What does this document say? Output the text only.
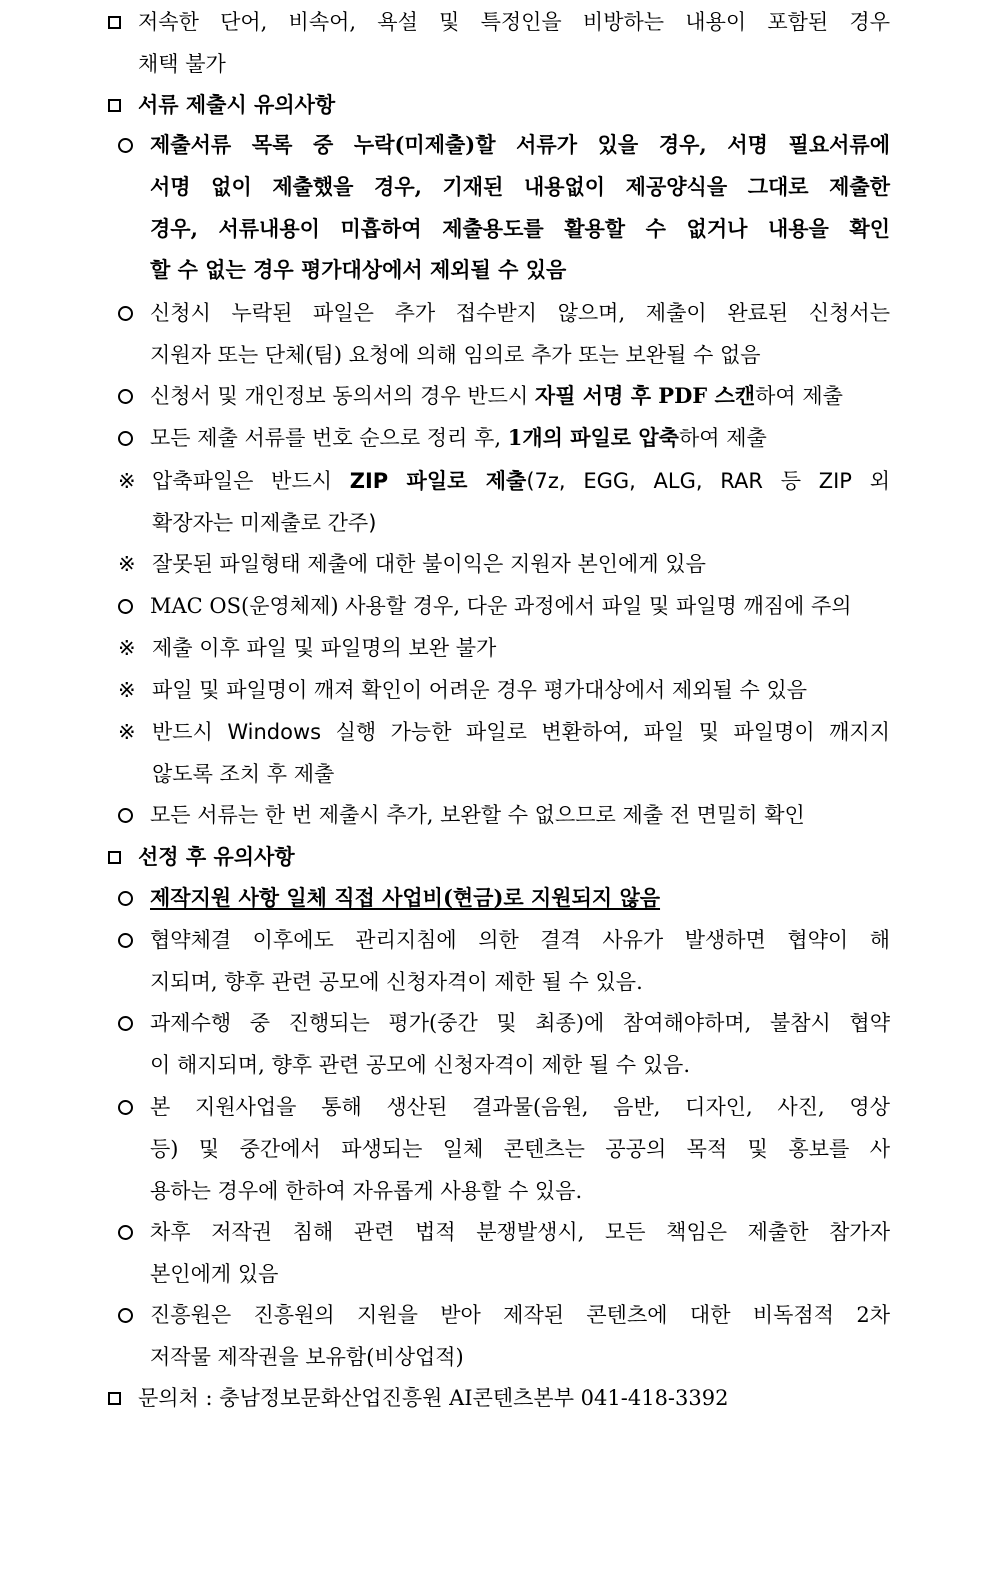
저속한 단어, 비속어, 욕설 및 특정인을 비방하는 내용이 포함된 경우
채택 불가
서류 제출시 유의사항
제출서류 목록 중 누락(미제출)할 서류가 있을 경우, 서명 필요서류에
서명 없이 제출했을 경우, 기재된 내용없이 제공양식을 그대로 제출한
경우, 서류내용이 미흡하여 제출용도를 활용할 수 없거나 내용을 확인
할 수 없는 경우 평가대상에서 제외될 수 있음
신청시 누락된 파일은 추가 접수받지 않으며, 제출이 완료된 신청서는
지원자 또는 단체(팀) 요청에 의해 임의로 추가 또는 보완될 수 없음
신청서 및 개인정보 동의서의 경우 반드시 자필 서명 후 PDF 스캔하여 제출
모든 제출 서류를 번호 순으로 정리 후, 1개의 파일로 압축하여 제출
※ 압축파일은 반드시 ZIP 파일로 제출(7z, EGG, ALG, RAR 등 ZIP 외
확장자는 미제출로 간주)
※ 잘못된 파일형태 제출에 대한 불이익은 지원자 본인에게 있음
MAC OS(운영체제) 사용할 경우, 다운 과정에서 파일 및 파일명 깨짐에 주의
※ 제출 이후 파일 및 파일명의 보완 불가
※ 파일 및 파일명이 깨져 확인이 어려운 경우 평가대상에서 제외될 수 있음
※ 반드시 Windows 실행 가능한 파일로 변환하여, 파일 및 파일명이 깨지지
않도록 조치 후 제출
모든 서류는 한 번 제출시 추가, 보완할 수 없으므로 제출 전 면밀히 확인
선정 후 유의사항
제작지원 사항 일체 직접 사업비(현금)로 지원되지 않음
협약체결 이후에도 관리지침에 의한 결격 사유가 발생하면 협약이 해
지되며, 향후 관련 공모에 신청자격이 제한 될 수 있음.
과제수행 중 진행되는 평가(중간 및 최종)에 참여해야하며, 불참시 협약
이 해지되며, 향후 관련 공모에 신청자격이 제한 될 수 있음.
본 지원사업을 통해 생산된 결과물(음원, 음반, 디자인, 사진, 영상
등) 및 중간에서 파생되는 일체 콘텐츠는 공공의 목적 및 홍보를 사
용하는 경우에 한하여 자유롭게 사용할 수 있음.
차후 저작권 침해 관련 법적 분쟁발생시, 모든 책임은 제출한 참가자
본인에게 있음
진흥원은 진흥원의 지원을 받아 제작된 콘텐츠에 대한 비독점적 2차
저작물 제작권을 보유함(비상업적)
문의처 : 충남정보문화산업진흥원 AI콘텐츠본부 041-418-3392
